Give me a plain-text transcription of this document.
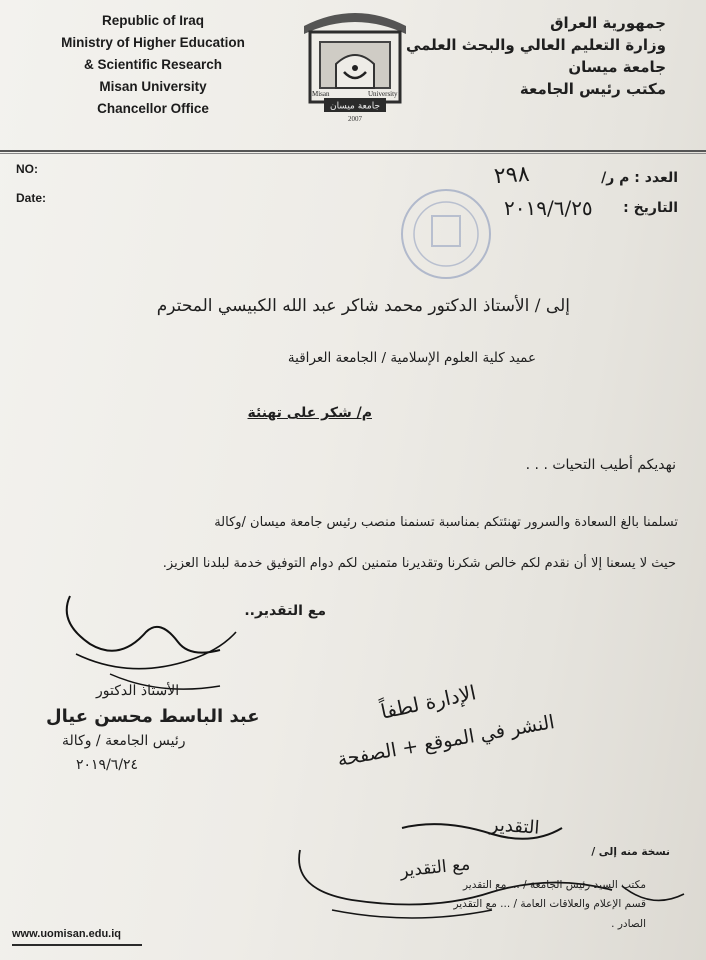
Republic of Iraq
Ministry of Higher Education
& Scientific Research
Misan University
Chancellor Office
جمهورية العراق
وزارة التعليم العالي والبحث العلمي
جامعة ميسان
مكتب رئيس الجامعة
جامعة ميسان
Misan	University
2007
NO:
Date:
العدد : م ر/
٢٩٨
التاريخ :
٢٠١٩/٦/٢٥
إلى / الأستاذ الدكتور محمد شاكر عبد الله الكبيسي المحترم
عميد كلية العلوم الإسلامية / الجامعة العراقية
م/ شكر على تهنئة
نهديكم أطيب التحيات . . .
تسلمنا بالغ السعادة والسرور تهنئتكم بمناسبة تسنمنا منصب رئيس جامعة ميسان /وكالة
حيث لا يسعنا إلا أن نقدم لكم خالص شكرنا وتقديرنا متمنين لكم دوام التوفيق خدمة لبلدنا العزيز.
مع التقدير..
الأستاذ الدكتور
عبد الباسط محسن عيال
رئيس الجامعة / وكالة
٢٠١٩/٦/٢٤
الإدارة لطفاً
النشر في الموقع + الصفحة
التقدير
مع التقدير
نسخة منه إلى /
مكتب السيد رئيس الجامعة / ... مع التقدير
قسم الإعلام والعلاقات العامة / ... مع التقدير
الصادر .
www.uomisan.edu.iq
